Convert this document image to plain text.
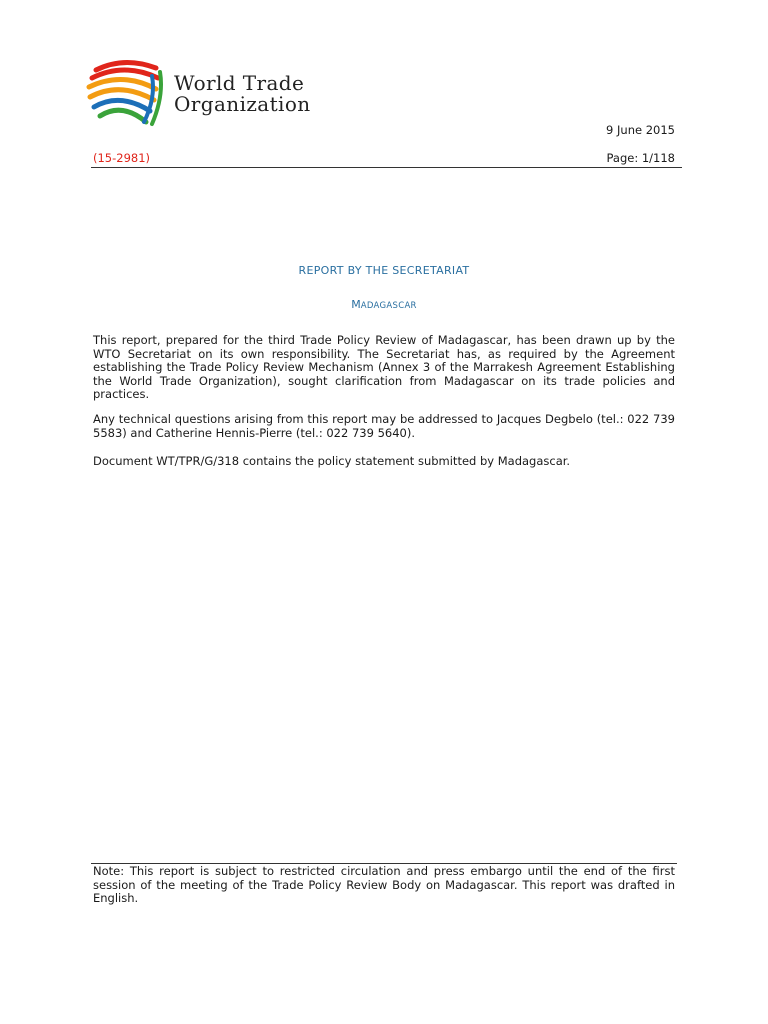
World Trade
Organization
9 June 2015
(15-2981)	Page: 1/118
REPORT BY THE SECRETARIAT
MADAGASCAR
This report, prepared for the third Trade Policy Review of Madagascar, has been drawn up by the WTO Secretariat on its own responsibility. The Secretariat has, as required by the Agreement establishing the Trade Policy Review Mechanism (Annex 3 of the Marrakesh Agreement Establishing the World Trade Organization), sought clarification from Madagascar on its trade policies and practices.
Any technical questions arising from this report may be addressed to Jacques Degbelo (tel.: 022 739 5583) and Catherine Hennis-Pierre (tel.: 022 739 5640).
Document WT/TPR/G/318 contains the policy statement submitted by Madagascar.
Note: This report is subject to restricted circulation and press embargo until the end of the first session of the meeting of the Trade Policy Review Body on Madagascar. This report was drafted in English.
